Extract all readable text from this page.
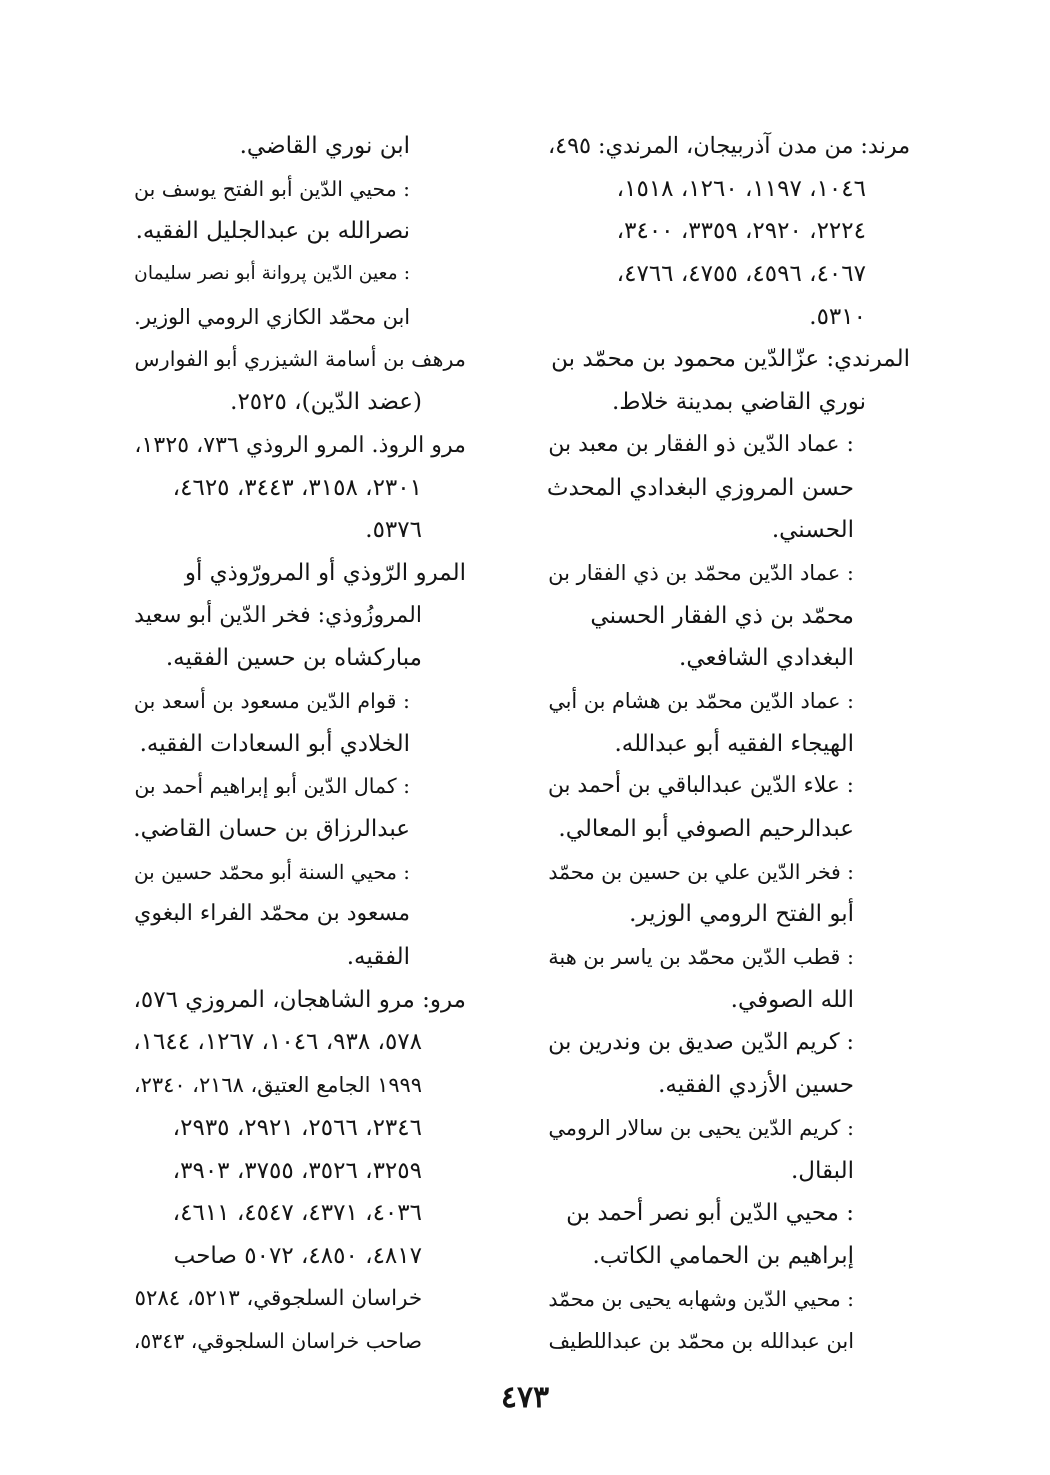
مرند: من مدن آذربيجان، المرندي: ٤٩٥،
١٠٤٦، ١١٩٧، ١٢٦٠، ١٥١٨،
٢٢٢٤، ٢٩٢٠، ٣٣٥٩، ٣٤٠٠،
٤٠٦٧، ٤٥٩٦، ٤٧٥٥، ٤٧٦٦،
٥٣١٠.
المرندي: عزّالدّين محمود بن محمّد بن
نوري القاضي بمدينة خلاط.
: عماد الدّين ذو الفقار بن معبد بن
حسن المروزي البغدادي المحدث
الحسني.
: عماد الدّين محمّد بن ذي الفقار بن
محمّد بن ذي الفقار الحسني
البغدادي الشافعي.
: عماد الدّين محمّد بن هشام بن أبي
الهيجاء الفقيه أبو عبدالله.
: علاء الدّين عبدالباقي بن أحمد بن
عبدالرحيم الصوفي أبو المعالي.
: فخر الدّين علي بن حسين بن محمّد
أبو الفتح الرومي الوزير.
: قطب الدّين محمّد بن ياسر بن هبة
الله الصوفي.
: كريم الدّين صديق بن وندرين بن
حسين الأزدي الفقيه.
: كريم الدّين يحيى بن سالار الرومي
البقال.
: محيي الدّين أبو نصر أحمد بن
إبراهيم بن الحمامي الكاتب.
: محيي الدّين وشهابه يحيى بن محمّد
ابن عبدالله بن محمّد بن عبداللطيف
ابن نوري القاضي.
: محيي الدّين أبو الفتح يوسف بن
نصرالله بن عبدالجليل الفقيه.
: معين الدّين پروانة أبو نصر سليمان
ابن محمّد الكازي الرومي الوزير.
مرهف بن أسامة الشيزري أبو الفوارس
(عضد الدّين)، ٢٥٢٥.
مرو الروذ. المرو الروذي ٧٣٦، ١٣٢٥،
٢٣٠١، ٣١٥٨، ٣٤٤٣، ٤٦٢٥،
٥٣٧٦.
المرو الرّوذي أو المرورّوذي أو
المروزُوذي: فخر الدّين أبو سعيد
مباركشاه بن حسين الفقيه.
: قوام الدّين مسعود بن أسعد بن
الخلادي أبو السعادات الفقيه.
: كمال الدّين أبو إبراهيم أحمد بن
عبدالرزاق بن حسان القاضي.
: محيي السنة أبو محمّد حسين بن
مسعود بن محمّد الفراء البغوي
الفقيه.
مرو: مرو الشاهجان، المروزي ٥٧٦،
٥٧٨، ٩٣٨، ١٠٤٦، ١٢٦٧، ١٦٤٤،
١٩٩٩ الجامع العتيق، ٢١٦٨، ٢٣٤٠،
٢٣٤٦، ٢٥٦٦، ٢٩٢١، ٢٩٣٥،
٣٢٥٩، ٣٥٢٦، ٣٧٥٥، ٣٩٠٣،
٤٠٣٦، ٤٣٧١، ٤٥٤٧، ٤٦١١،
٤٨١٧، ٤٨٥٠، ٥٠٧٢ صاحب
خراسان السلجوقي، ٥٢١٣، ٥٢٨٤
صاحب خراسان السلجوقي، ٥٣٤٣،
٤٧٣
